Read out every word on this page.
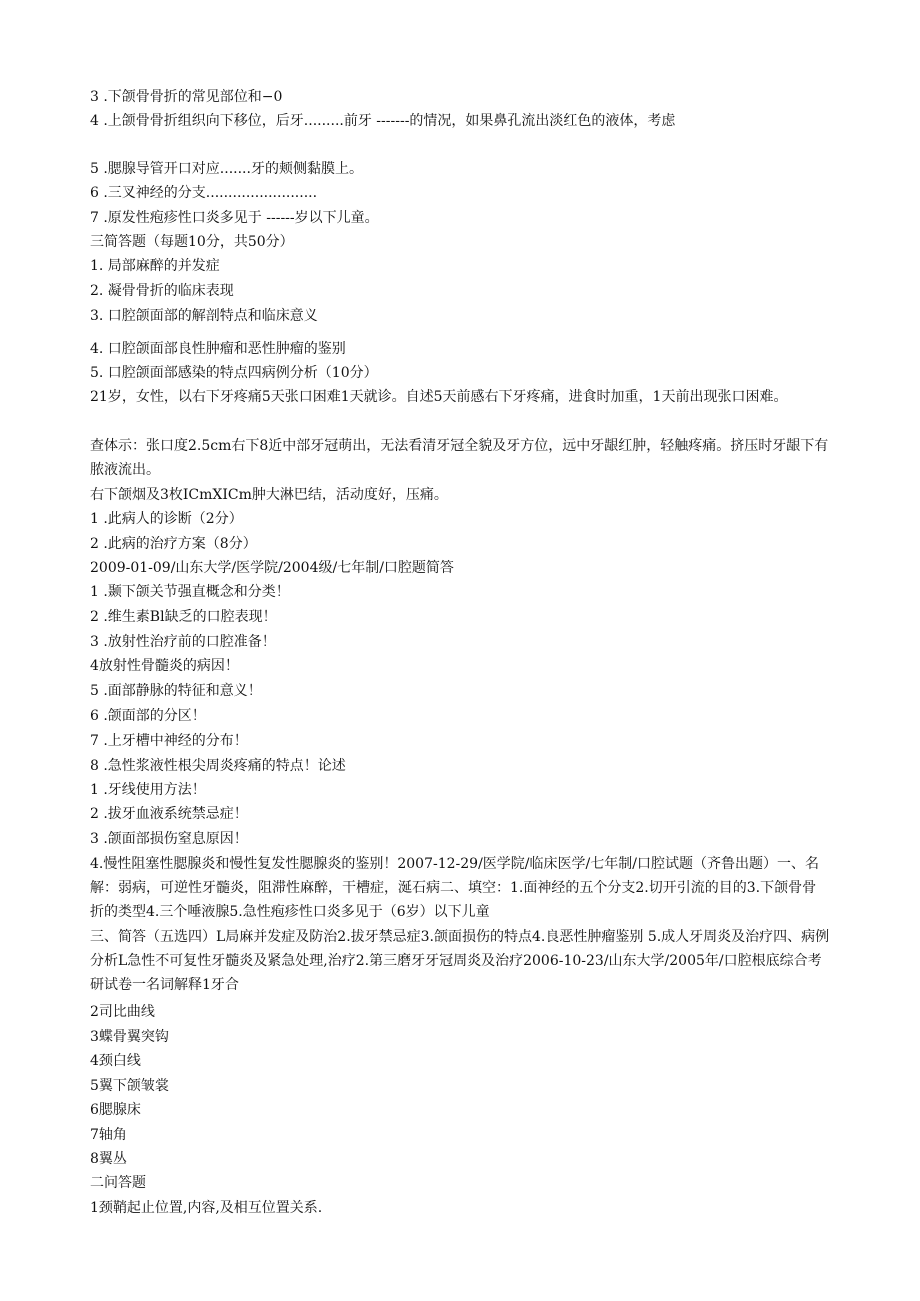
3 .下颌骨骨折的常见部位和−0
4 .上颌骨骨折组织向下移位，后牙.........前牙 -------的情况，如果鼻孔流出淡红色的液体，考虑
5 .腮腺导管开口对应.......牙的颊侧黏膜上。
6 .三叉神经的分支.........................
7 .原发性疱疹性口炎多见于 ------岁以下儿童。
三简答题（每题10分，共50分）
1. 局部麻醉的并发症
2. 凝骨骨折的临床表现
3. 口腔颌面部的解剖特点和临床意义
4. 口腔颌面部良性肿瘤和恶性肿瘤的鉴别
5. 口腔颌面部感染的特点四病例分析（10分）
21岁，女性，以右下牙疼痛5天张口困难1天就诊。自述5天前感右下牙疼痛，进食时加重，1天前出现张口困难。
查体示：张口度2.5cm右下8近中部牙冠萌出，无法看清牙冠全貌及牙方位，远中牙龈红肿，轻触疼痛。挤压时牙龈下有脓液流出。
右下颌烟及3枚ICmXICm肿大淋巴结，活动度好，压痛。
1 .此病人的诊断（2分）
2 .此病的治疗方案（8分）
2009-01-09/山东大学/医学院/2004级/七年制/口腔题简答
1 .颞下颌关节强直概念和分类！
2 .维生素Bl缺乏的口腔表现！
3 .放射性治疗前的口腔准备！
4放射性骨髓炎的病因！
5 .面部静脉的特征和意义！
6 .颌面部的分区！
7 .上牙槽中神经的分布！
8 .急性浆液性根尖周炎疼痛的特点！论述
1 .牙线使用方法！
2 .拔牙血液系统禁忌症！
3 .颌面部损伤窒息原因！
4.慢性阻塞性腮腺炎和慢性复发性腮腺炎的鉴别！2007-12-29/医学院/临床医学/七年制/口腔试题（齐鲁出题）一、名解：弱病，可逆性牙髓炎，阻滞性麻醉，干槽症，涎石病二、填空：1.面神经的五个分支2.切开引流的目的3.下颌骨骨折的类型4.三个唾液腺5.急性疱疹性口炎多见于（6岁）以下儿童
三、简答（五选四）L局麻并发症及防治2.拔牙禁忌症3.颌面损伤的特点4.良恶性肿瘤鉴别 5.成人牙周炎及治疗四、病例分析L急性不可复性牙髓炎及紧急处理,治疗2.第三磨牙牙冠周炎及治疗2006-10-23/山东大学/2005年/口腔根底综合考研试卷一名词解释1牙合
2司比曲线
3蝶骨翼突钩
4颈白线
5翼下颌皱裳
6腮腺床
7轴角
8翼丛
二问答题
1颈鞘起止位置,内容,及相互位置关系.
